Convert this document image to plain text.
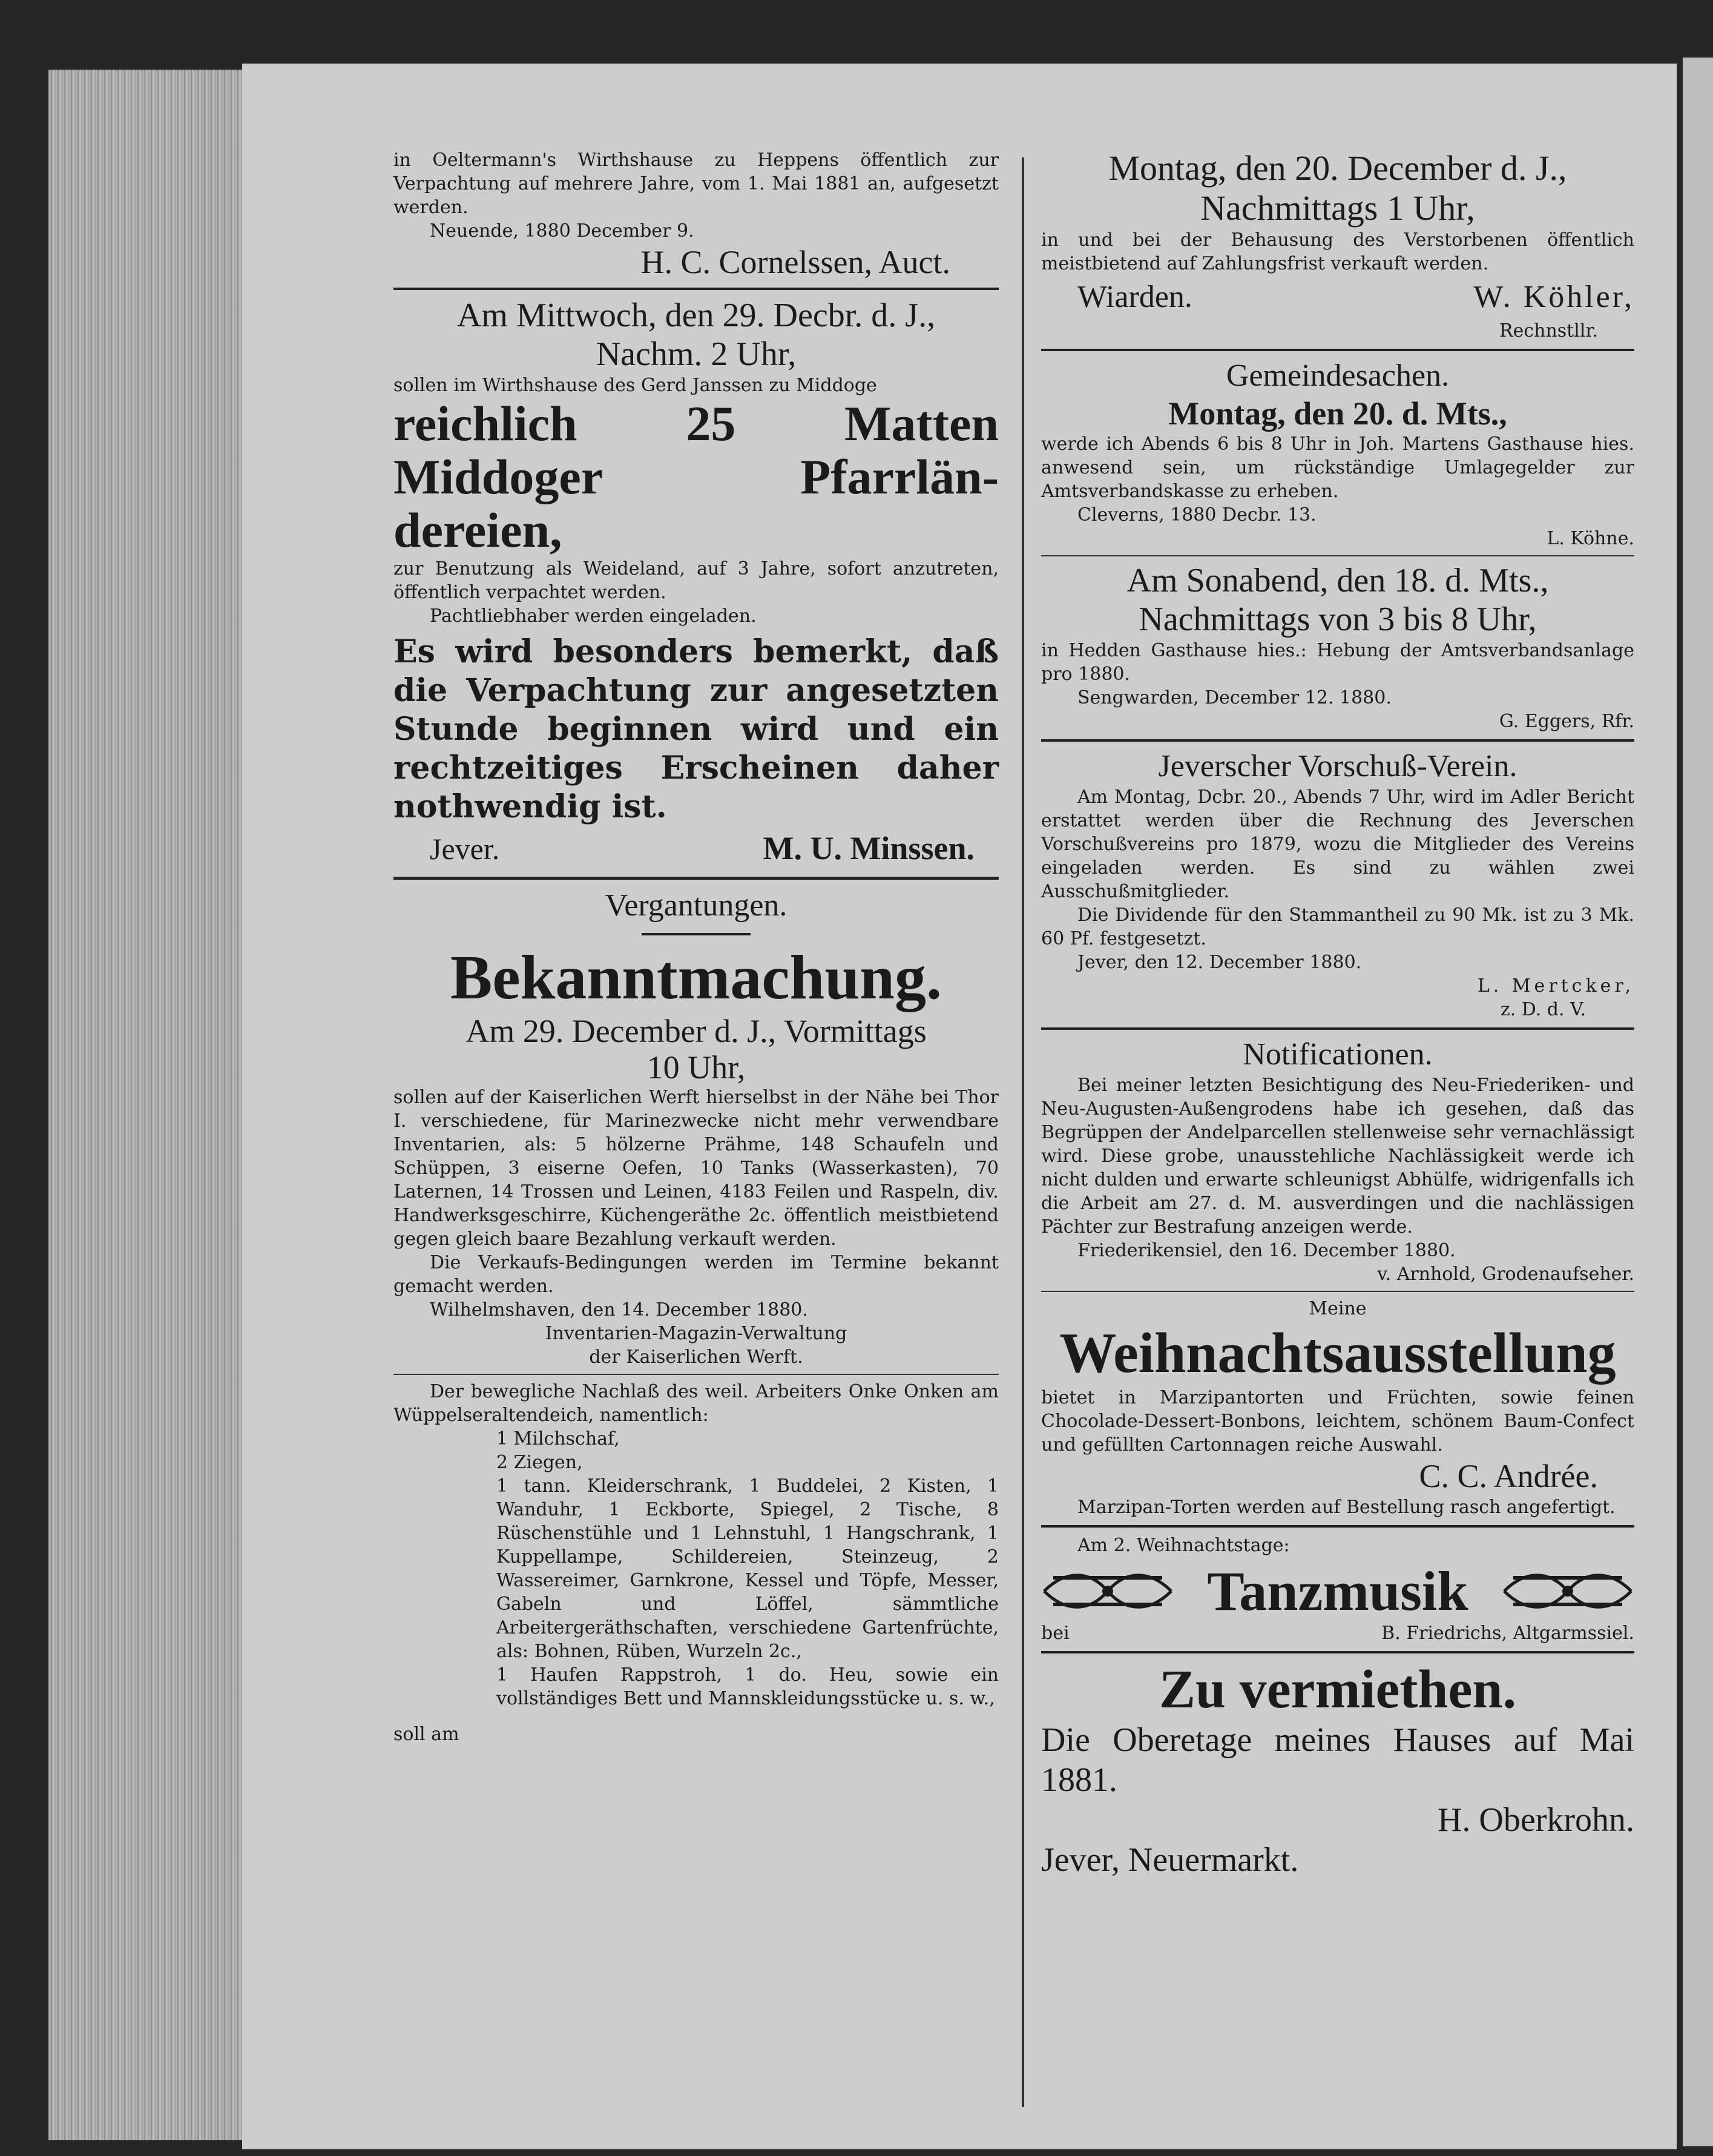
in Oeltermann's Wirthshause zu Heppens öffentlich zur Verpachtung auf mehrere Jahre, vom 1. Mai 1881 an, aufgesetzt werden.

Neuende, 1880 December 9.

H. C. Cornelssen, Auct.

Am Mittwoch, den 29. Decbr. d. J.,

Nachm. 2 Uhr,

sollen im Wirthshause des Gerd Janssen zu Middoge

reichlich 25 Matten

Middoger Pfarrlän-

dereien,

zur Benutzung als Weideland, auf 3 Jahre, sofort anzutreten, öffentlich verpachtet werden.

Pachtliebhaber werden eingeladen.

Es wird besonders bemerkt, daß die Verpachtung zur angesetzten Stunde beginnen wird und ein rechtzeitiges Erscheinen daher nothwendig ist.

Jever.	M. U. Minssen.

Vergantungen.

Bekanntmachung.

Am 29. December d. J., Vormittags

10 Uhr,

sollen auf der Kaiserlichen Werft hierselbst in der Nähe bei Thor I. verschiedene, für Marinezwecke nicht mehr verwendbare Inventarien, als: 5 hölzerne Prähme, 148 Schaufeln und Schüppen, 3 eiserne Oefen, 10 Tanks (Wasserkasten), 70 Laternen, 14 Trossen und Leinen, 4183 Feilen und Raspeln, div. Handwerksgeschirre, Küchengeräthe 2c. öffentlich meistbietend gegen gleich baare Bezahlung verkauft werden.

Die Verkaufs-Bedingungen werden im Termine bekannt gemacht werden.

Wilhelmshaven, den 14. December 1880.

Inventarien-Magazin-Verwaltung

der Kaiserlichen Werft.

Der bewegliche Nachlaß des weil. Arbeiters Onke Onken am Wüppelseraltendeich, namentlich:

1 Milchschaf,

2 Ziegen,

1 tann. Kleiderschrank, 1 Buddelei, 2 Kisten, 1 Wanduhr, 1 Eckborte, Spiegel, 2 Tische, 8 Rüschenstühle und 1 Lehnstuhl, 1 Hangschrank, 1 Kuppellampe, Schildereien, Steinzeug, 2 Wassereimer, Garnkrone, Kessel und Töpfe, Messer, Gabeln und Löffel, sämmtliche Arbeitergeräthschaften, verschiedene Gartenfrüchte, als: Bohnen, Rüben, Wurzeln 2c.,

1 Haufen Rappstroh, 1 do. Heu, sowie ein vollständiges Bett und Mannskleidungsstücke u. s. w.,

soll am

Montag, den 20. December d. J.,

Nachmittags 1 Uhr,

in und bei der Behausung des Verstorbenen öffentlich meistbietend auf Zahlungsfrist verkauft werden.

Wiarden.	W. Köhler,

Rechnstllr.

Gemeindesachen.

Montag, den 20. d. Mts.,

werde ich Abends 6 bis 8 Uhr in Joh. Martens Gasthause hies. anwesend sein, um rückständige Umlagegelder zur Amtsverbandskasse zu erheben.

Cleverns, 1880 Decbr. 13.

L. Köhne.

Am Sonabend, den 18. d. Mts.,

Nachmittags von 3 bis 8 Uhr,

in Hedden Gasthause hies.: Hebung der Amtsverbandsanlage pro 1880.

Sengwarden, December 12. 1880.

G. Eggers, Rfr.

Jeverscher Vorschuß-Verein.

Am Montag, Dcbr. 20., Abends 7 Uhr, wird im Adler Bericht erstattet werden über die Rechnung des Jeverschen Vorschußvereins pro 1879, wozu die Mitglieder des Vereins eingeladen werden. Es sind zu wählen zwei Ausschußmitglieder.

Die Dividende für den Stammantheil zu 90 Mk. ist zu 3 Mk. 60 Pf. festgesetzt.

Jever, den 12. December 1880.

L. Mertcker,

z. D. d. V.

Notificationen.

Bei meiner letzten Besichtigung des Neu-Friederiken- und Neu-Augusten-Außengrodens habe ich gesehen, daß das Begrüppen der Andelparcellen stellenweise sehr vernachlässigt wird. Diese grobe, unausstehliche Nachlässigkeit werde ich nicht dulden und erwarte schleunigst Abhülfe, widrigenfalls ich die Arbeit am 27. d. M. ausverdingen und die nachlässigen Pächter zur Bestrafung anzeigen werde.

Friederikensiel, den 16. December 1880.

v. Arnhold, Grodenaufseher.

Meine

Weihnachtsausstellung

bietet in Marzipantorten und Früchten, sowie feinen Chocolade-Dessert-Bonbons, leichtem, schönem Baum-Confect und gefüllten Cartonnagen reiche Auswahl.

C. C. Andrée.

Marzipan-Torten werden auf Bestellung rasch angefertigt.

Am 2. Weihnachtstage:

Tanzmusik
bei	B. Friedrichs, Altgarmssiel.

Zu vermiethen.

Die Oberetage meines Hauses auf Mai 1881.

H. Oberkrohn.

Jever, Neuermarkt.
